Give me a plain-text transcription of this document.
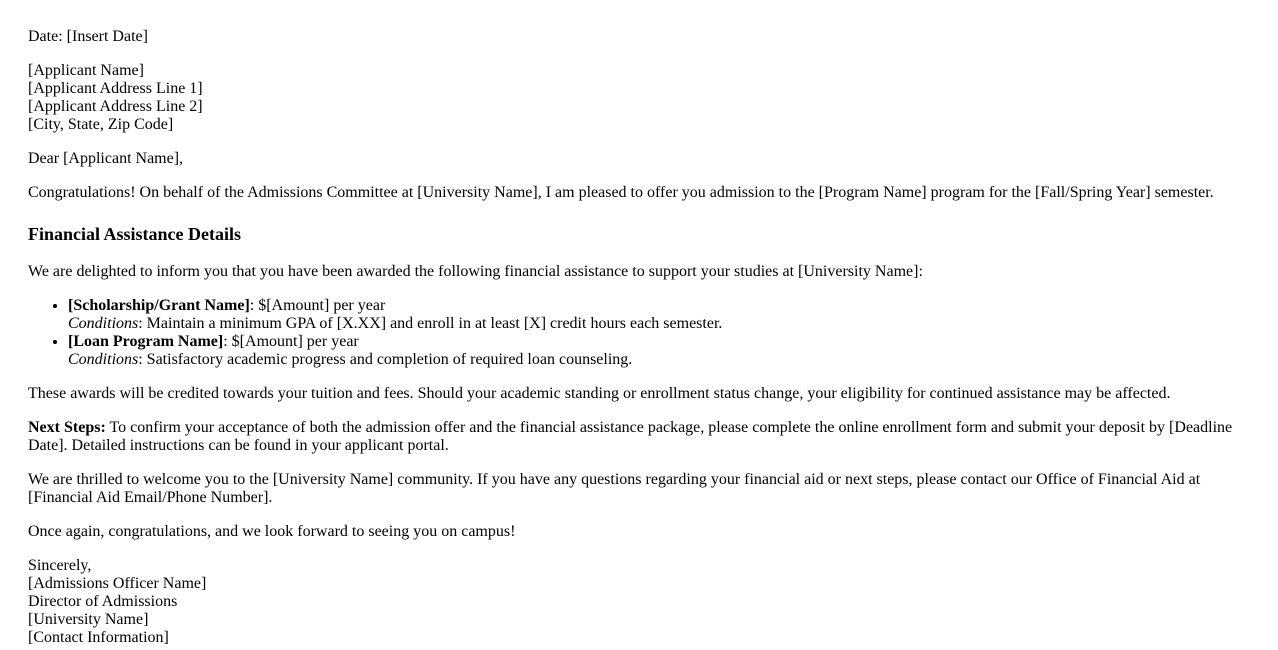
Date: [Insert Date]

[Applicant Name]
[Applicant Address Line 1]
[Applicant Address Line 2]
[City, State, Zip Code]

Dear [Applicant Name],

Congratulations! On behalf of the Admissions Committee at [University Name], I am pleased to offer you admission to the [Program Name] program for the [Fall/Spring Year] semester.

Financial Assistance Details

We are delighted to inform you that you have been awarded the following financial assistance to support your studies at [University Name]:

• [Scholarship/Grant Name]: $[Amount] per year
Conditions: Maintain a minimum GPA of [X.XX] and enroll in at least [X] credit hours each semester.
• [Loan Program Name]: $[Amount] per year
Conditions: Satisfactory academic progress and completion of required loan counseling.

These awards will be credited towards your tuition and fees. Should your academic standing or enrollment status change, your eligibility for continued assistance may be affected.

Next Steps: To confirm your acceptance of both the admission offer and the financial assistance package, please complete the online enrollment form and submit your deposit by [Deadline Date]. Detailed instructions can be found in your applicant portal.

We are thrilled to welcome you to the [University Name] community. If you have any questions regarding your financial aid or next steps, please contact our Office of Financial Aid at [Financial Aid Email/Phone Number].

Once again, congratulations, and we look forward to seeing you on campus!

Sincerely,
[Admissions Officer Name]
Director of Admissions
[University Name]
[Contact Information]
